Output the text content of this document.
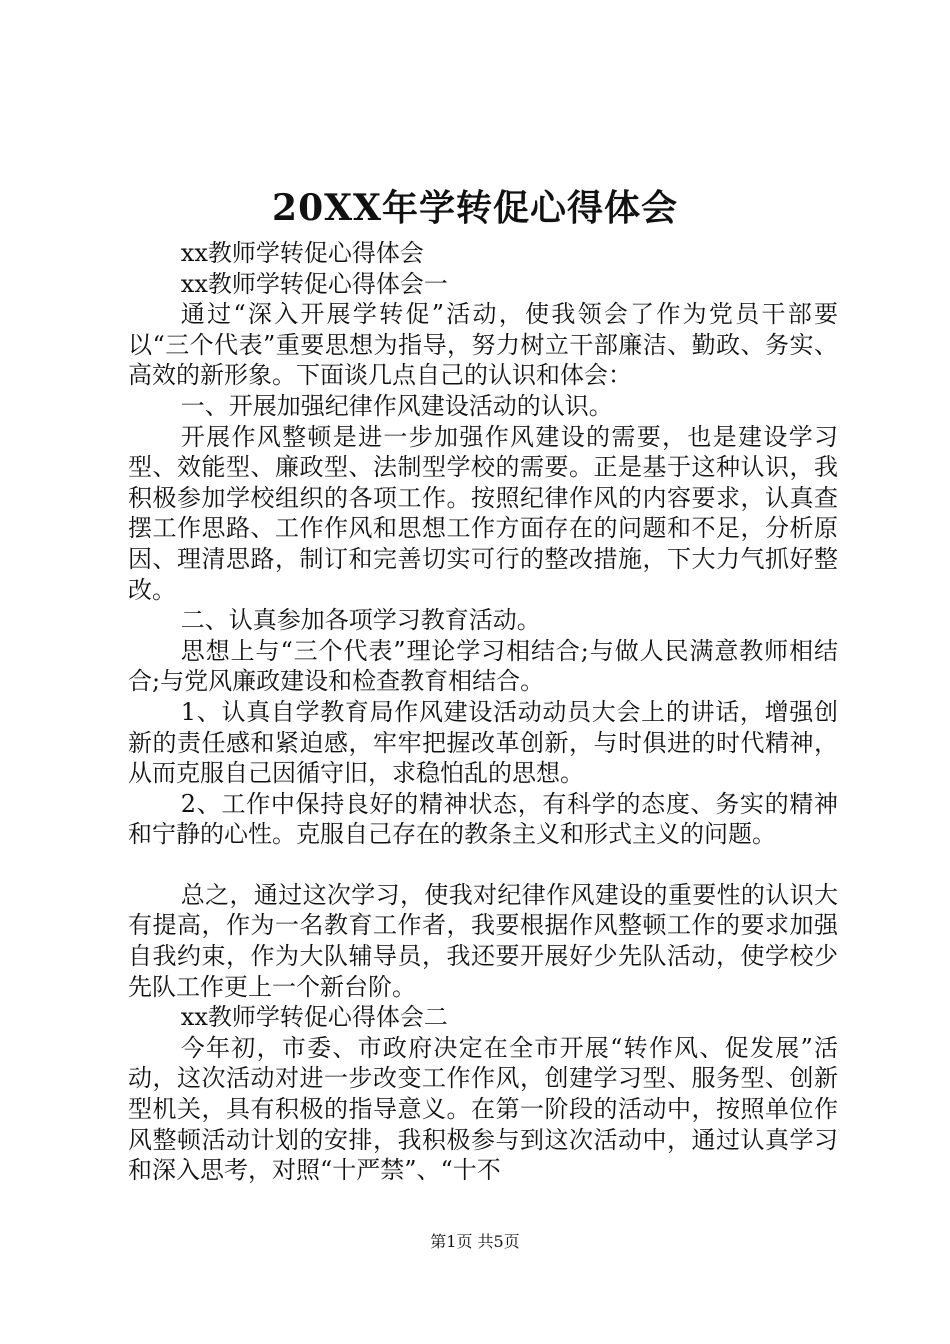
20XX年学转促心得体会

xx教师学转促心得体会

xx教师学转促心得体会一

通过“深入开展学转促”活动，使我领会了作为党员干部要以“三个代表”重要思想为指导，努力树立干部廉洁、勤政、务实、高效的新形象。下面谈几点自己的认识和体会：

一、开展加强纪律作风建设活动的认识。

开展作风整顿是进一步加强作风建设的需要，也是建设学习型、效能型、廉政型、法制型学校的需要。正是基于这种认识，我积极参加学校组织的各项工作。按照纪律作风的内容要求，认真查摆工作思路、工作作风和思想工作方面存在的问题和不足，分析原因、理清思路，制订和完善切实可行的整改措施，下大力气抓好整改。

二、认真参加各项学习教育活动。

思想上与“三个代表”理论学习相结合;与做人民满意教师相结合;与党风廉政建设和检查教育相结合。

1、认真自学教育局作风建设活动动员大会上的讲话，增强创新的责任感和紧迫感，牢牢把握改革创新，与时俱进的时代精神，从而克服自己因循守旧，求稳怕乱的思想。

2、工作中保持良好的精神状态，有科学的态度、务实的精神和宁静的心性。克服自己存在的教条主义和形式主义的问题。

总之，通过这次学习，使我对纪律作风建设的重要性的认识大有提高，作为一名教育工作者，我要根据作风整顿工作的要求加强自我约束，作为大队辅导员，我还要开展好少先队活动，使学校少先队工作更上一个新台阶。

xx教师学转促心得体会二

今年初，市委、市政府决定在全市开展“转作风、促发展”活动，这次活动对进一步改变工作作风，创建学习型、服务型、创新型机关，具有积极的指导意义。在第一阶段的活动中，按照单位作风整顿活动计划的安排，我积极参与到这次活动中，通过认真学习和深入思考，对照“十严禁”、“十不

第1页 共5页
